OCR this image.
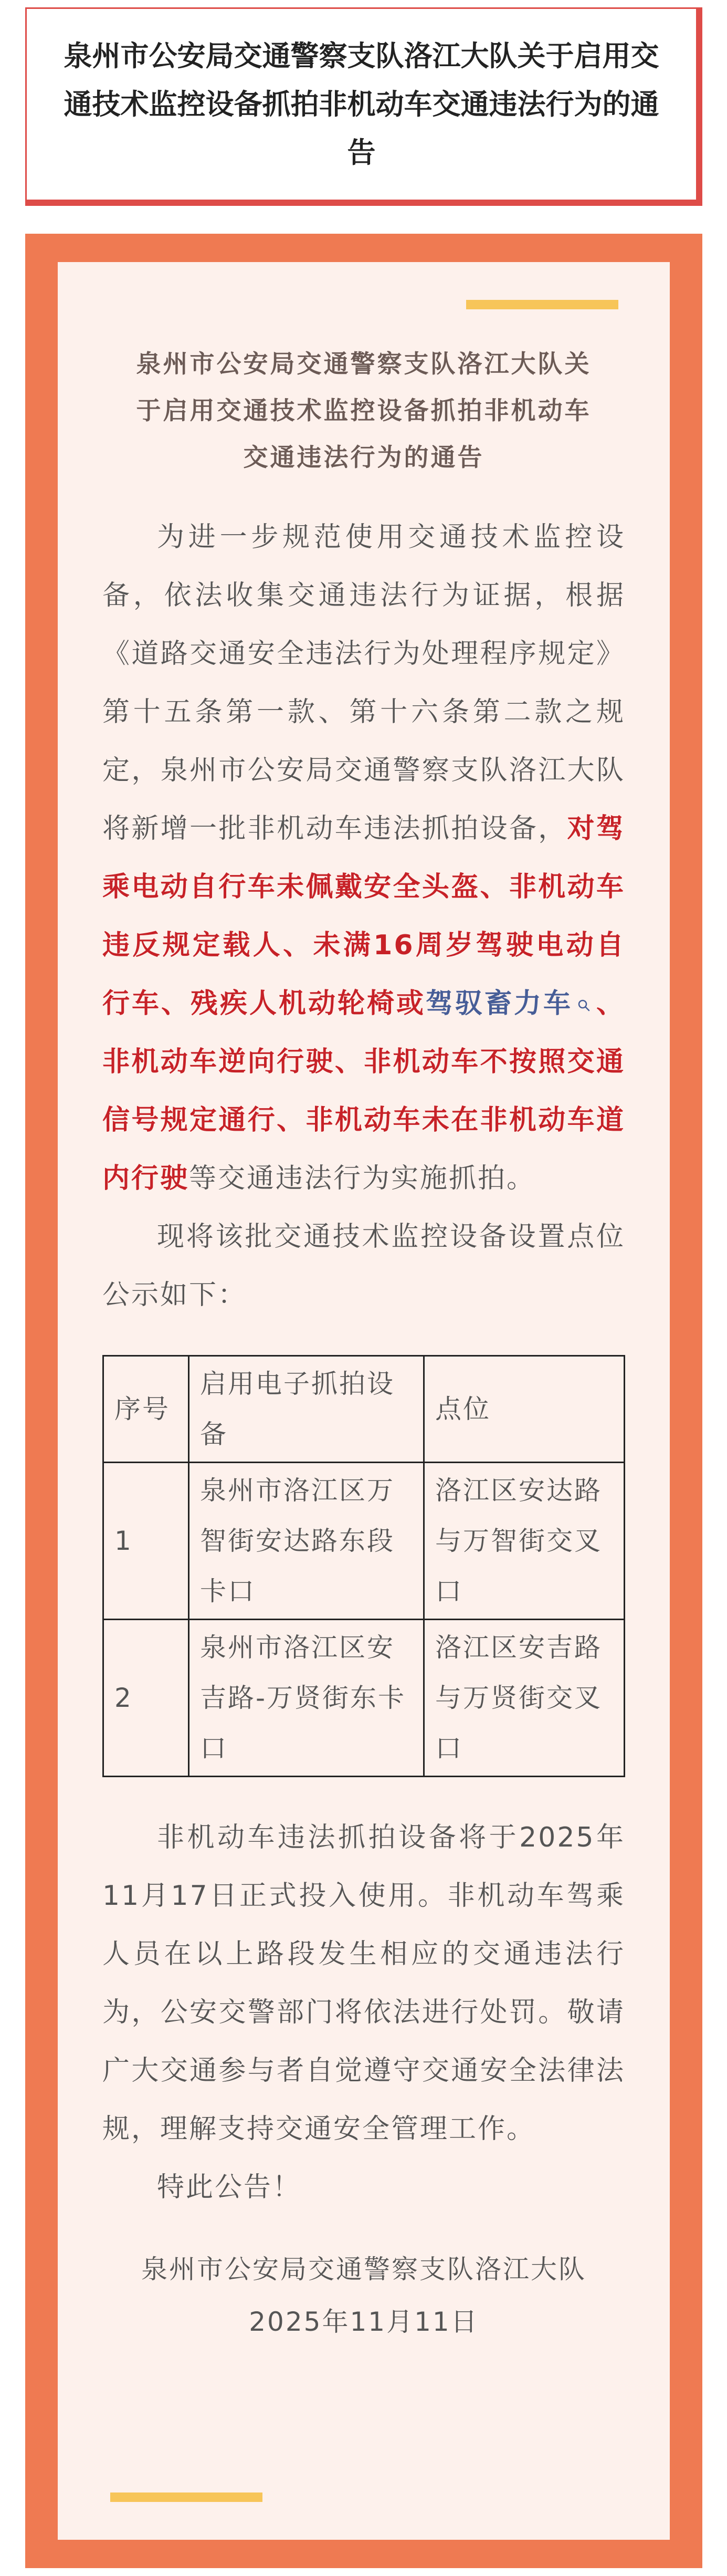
泉州市公安局交通警察支队洛江大队关于启用交通技术监控设备抓拍非机动车交通违法行为的通告
泉州市公安局交通警察支队洛江大队关
于启用交通技术监控设备抓拍非机动车
交通违法行为的通告

为进一步规范使用交通技术监控设备，依法收集交通违法行为证据，根据《道路交通安全违法行为处理程序规定》第十五条第一款、第十六条第二款之规定，泉州市公安局交通警察支队洛江大队将新增一批非机动车违法抓拍设备，对驾乘电动自行车未佩戴安全头盔、非机动车违反规定载人、未满16周岁驾驶电动自行车、残疾人机动轮椅或驾驭畜力车 、非机动车逆向行驶、非机动车不按照交通信号规定通行、非机动车未在非机动车道内行驶等交通违法行为实施抓拍。

现将该批交通技术监控设备设置点位公示如下：

序号	启用电子抓拍设备	点位
1	泉州市洛江区万智街安达路东段卡口	洛江区安达路与万智街交叉口
2	泉州市洛江区安吉路-万贤街东卡口	洛江区安吉路与万贤街交叉口

非机动车违法抓拍设备将于2025年11月17日正式投入使用。非机动车驾乘人员在以上路段发生相应的交通违法行为，公安交警部门将依法进行处罚。敬请广大交通参与者自觉遵守交通安全法律法规，理解支持交通安全管理工作。

特此公告！

泉州市公安局交通警察支队洛江大队
2025年11月11日
